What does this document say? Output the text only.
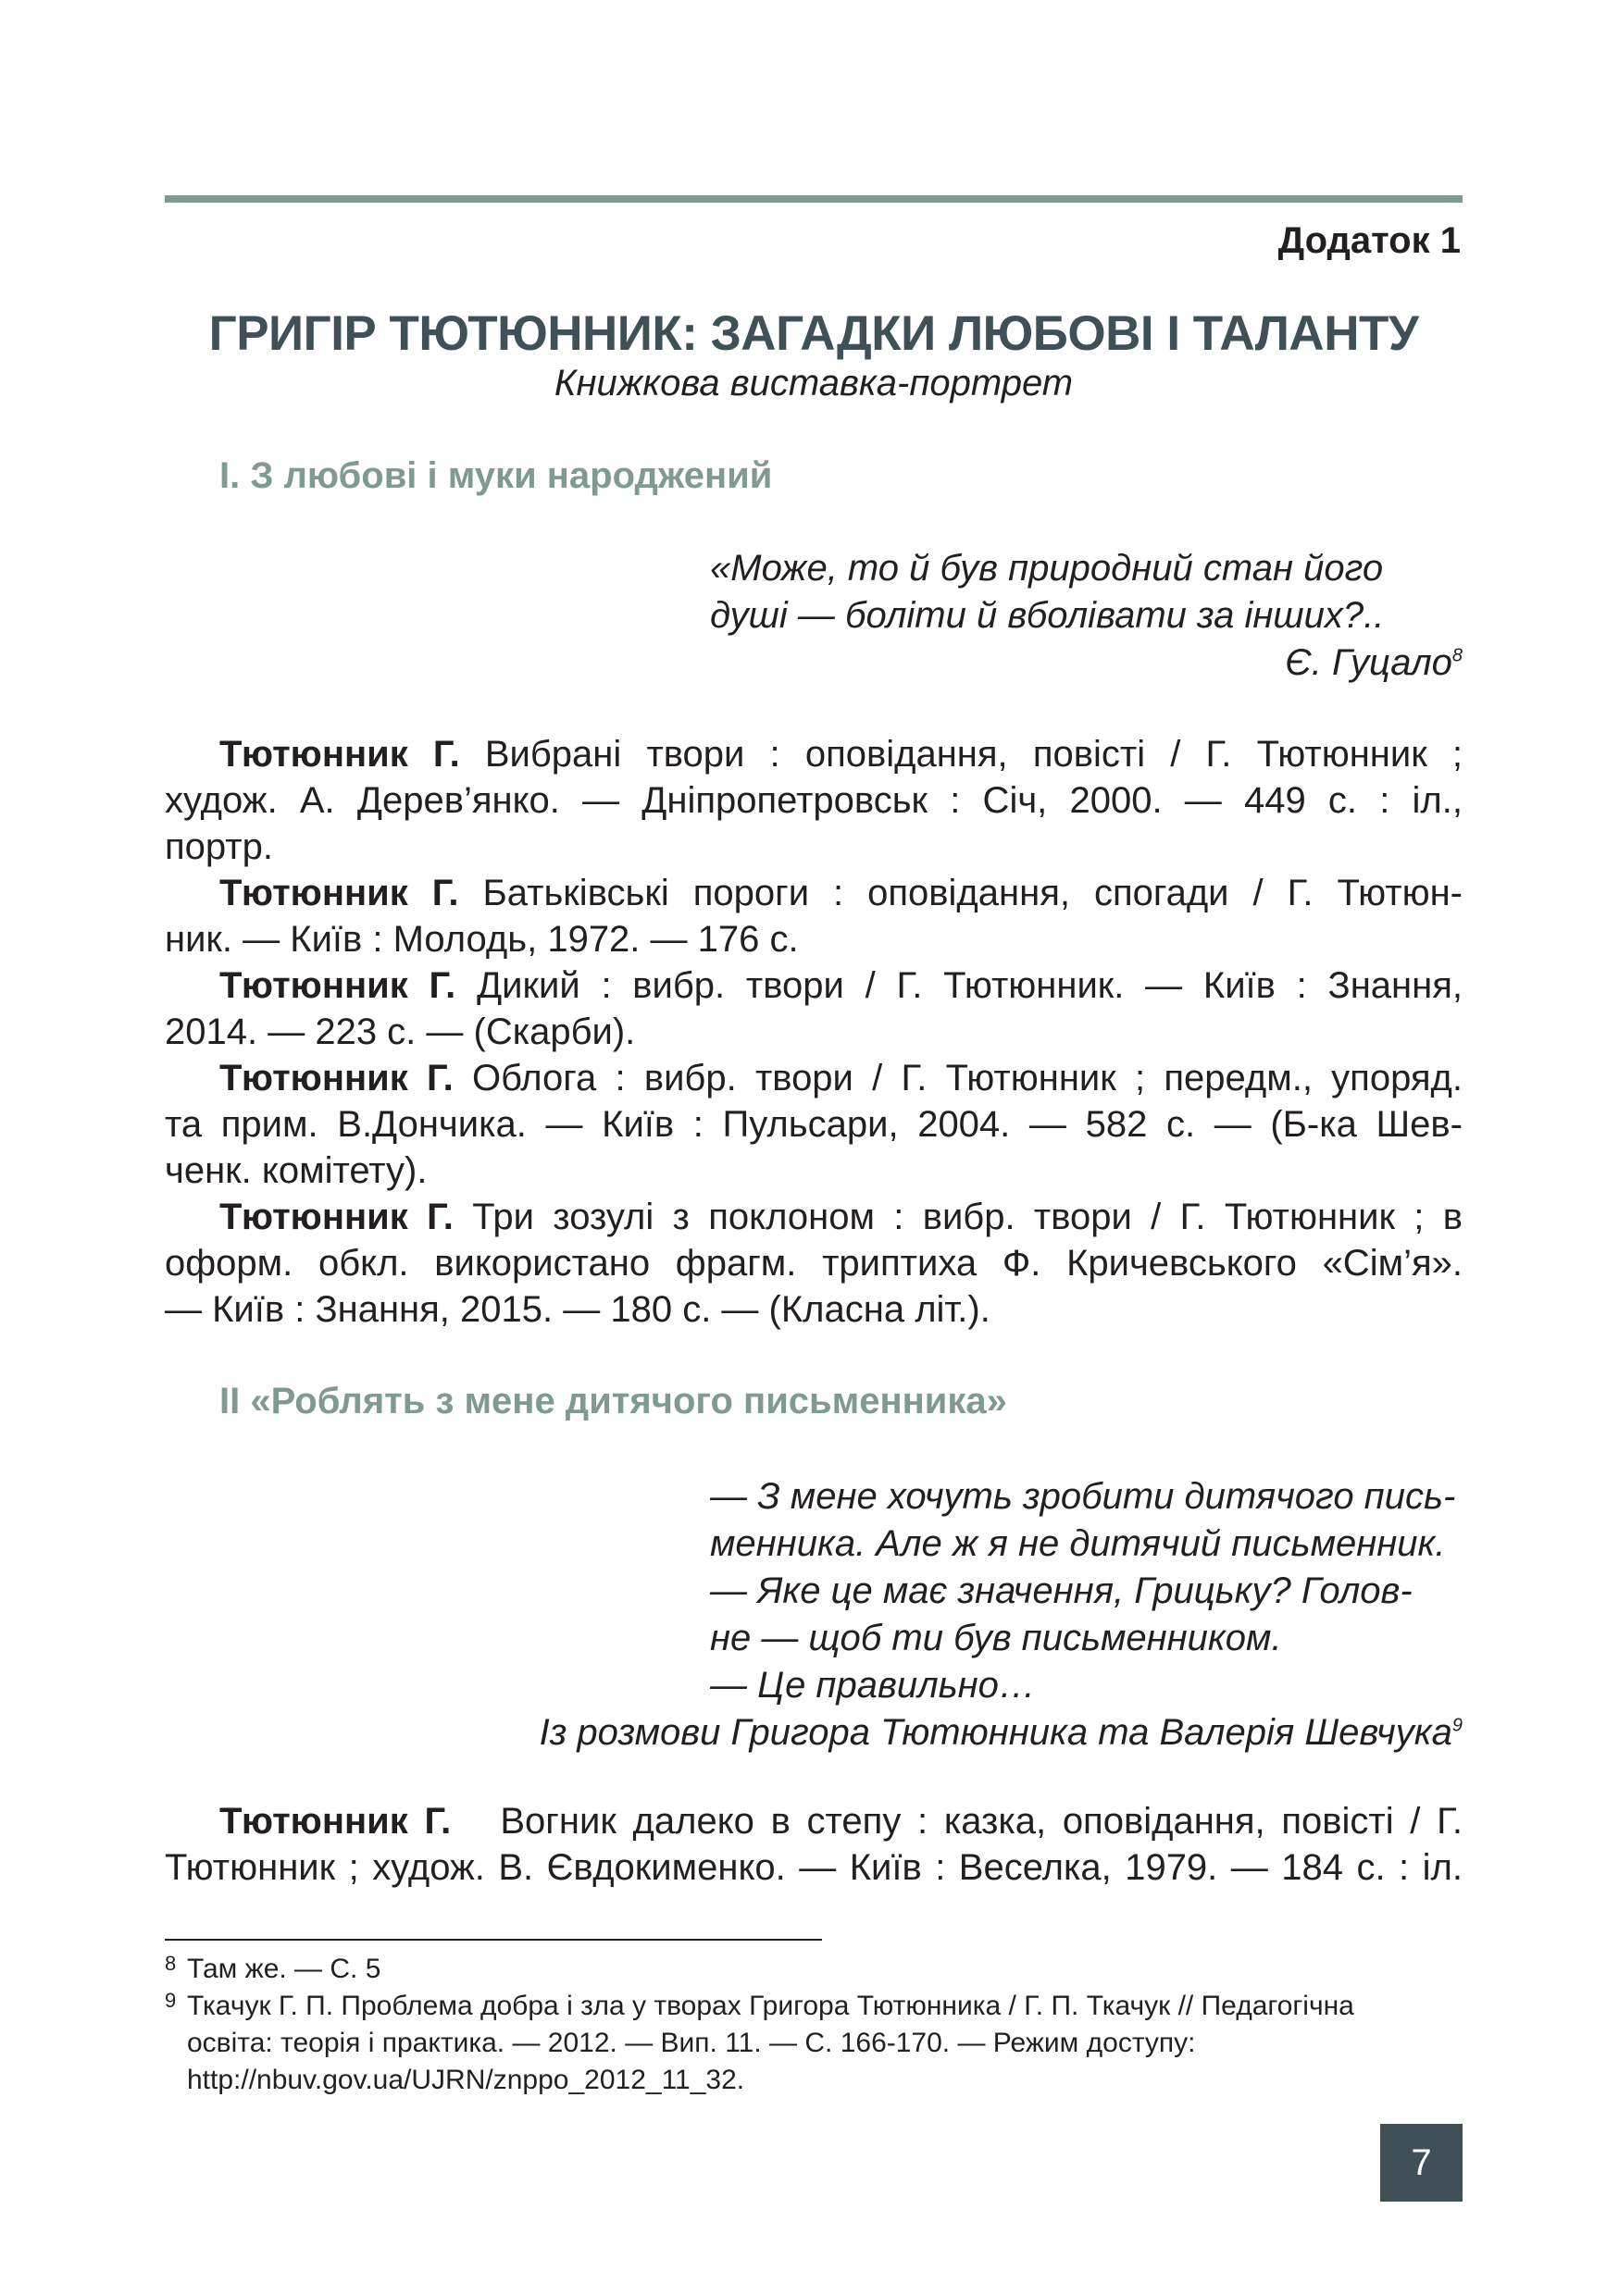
Додаток 1
ГРИГІР ТЮТЮННИК: ЗАГАДКИ ЛЮБОВІ І ТАЛАНТУ
Книжкова виставка-портрет
І. З любові і муки народжений
«Може, то й був природний стан його
душі — боліти й вболівати за інших?..
Є. Гуцало$^8$
Тютюнник Г. Вибрані твори : оповідання, повісті / Г. Тютюнник ;
худож. А. Дерев’янко. — Дніпропетровськ : Січ, 2000. — 449 с. : іл.,
портр.
Тютюнник Г. Батьківські пороги : оповідання, спогади / Г. Тютюн-
ник. — Київ : Молодь, 1972. — 176 с.
Тютюнник Г. Дикий : вибр. твори / Г. Тютюнник. — Київ : Знання,
2014. — 223 с. — (Скарби).
Тютюнник Г. Облога : вибр. твори / Г. Тютюнник ; передм., упоряд.
та прим. В.Дончика. — Київ : Пульсари, 2004. — 582 с. — (Б-ка Шев-
ченк. комітету).
Тютюнник Г. Три зозулі з поклоном : вибр. твори / Г. Тютюнник ; в
оформ. обкл. використано фрагм. триптиха Ф. Кричевського «Сім’я».
— Київ : Знання, 2015. — 180 с. — (Класна літ.).
ІІ «Роблять з мене дитячого письменника»
— З мене хочуть зробити дитячого пись-
менника. Але ж я не дитячий письменник.
— Яке це має значення, Грицьку? Голов-
не — щоб ти був письменником.
— Це правильно…
Із розмови Григора Тютюнника та Валерія Шевчука$^9$
Тютюнник Г. Вогник далеко в степу : казка, оповідання, повісті / Г.
Тютюнник ; худож. В. Євдокименко. — Київ : Веселка, 1979. — 184 с. : іл.
8 Там же. — С. 5
9 Ткачук Г. П. Проблема добра і зла у творах Григора Тютюнника / Г. П. Ткачук // Педагогічна
освіта: теорія і практика. — 2012. — Вип. 11. — С. 166-170. — Режим доступу:
http://nbuv.gov.ua/UJRN/znppo_2012_11_32.
7
